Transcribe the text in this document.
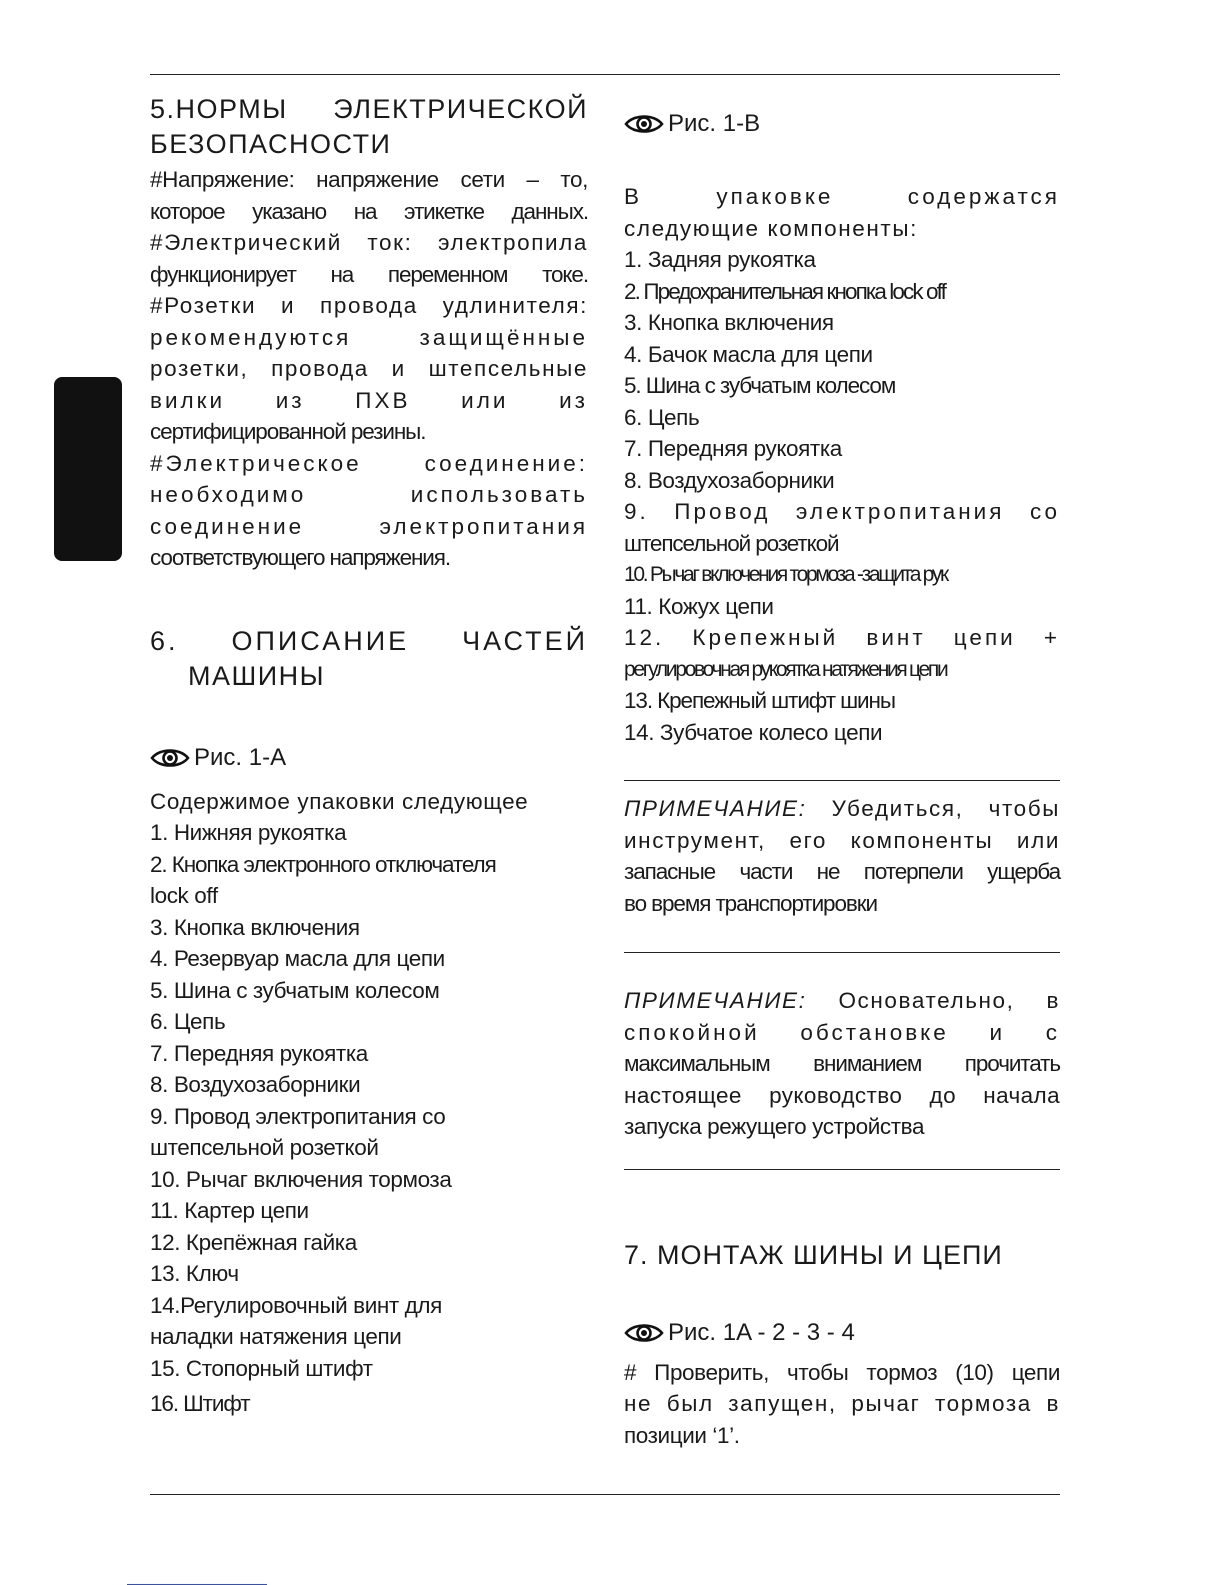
5.НОРМЫ ЭЛЕКТРИЧЕСКОЙ
БЕЗОПАСНОСТИ
#Напряжение: напряжение сети – то,
которое указано на этикетке данных.
#Электрический ток: электропила
функционирует на переменном токе.
#Розетки и провода удлинителя:
рекомендуются защищённые
розетки, провода и штепсельные
вилки из ПХВ или из
сертифицированной резины.
#Электрическое соединение:
необходимо использовать
соединение электропитания
соответствующего напряжения.
6. ОПИСАНИЕ ЧАСТЕЙ
МАШИНЫ
Рис. 1-A
Содержимое упаковки следующее
1. Нижняя рукоятка
2. Кнопка электронного отключателя
lock off
3. Кнопка включения
4. Резервуар масла для цепи
5. Шина с зубчатым колесом
6. Цепь
7. Передняя рукоятка
8. Воздухозаборники
9. Провод электропитания со
штепсельной розеткой
10. Рычаг включения тормоза
11. Картер цепи
12. Крепёжная гайка
13. Ключ
14.Регулировочный винт для
наладки натяжения цепи
15. Стопорный штифт
16. Штифт
Рис. 1-B
В упаковке содержатся
следующие компоненты:
1. Задняя рукоятка
2. Предохранительная кнопка lock off
3. Кнопка включения
4. Бачок масла для цепи
5. Шина с зубчатым колесом
6. Цепь
7. Передняя рукоятка
8. Воздухозаборники
9. Провод электропитания со
штепсельной розеткой
10. Рычаг включения тормоза -защита рук
11. Кожух цепи
12. Крепежный винт цепи +
регулировочная рукоятка натяжения цепи
13. Крепежный штифт шины
14. Зубчатое колесо цепи
ПРИМЕЧАНИЕ: Убедиться, чтобы
инструмент, его компоненты или
запасные части не потерпели ущерба
во время транспортировки
ПРИМЕЧАНИЕ: Основательно, в
спокойной обстановке и с
максимальным вниманием прочитать
настоящее руководство до начала
запуска режущего устройства
7. МОНТАЖ ШИНЫ И ЦЕПИ
Рис. 1A - 2 - 3 - 4
# Проверить, чтобы тормоз (10) цепи
не был запущен, рычаг тормоза в
позиции ‘1’.
